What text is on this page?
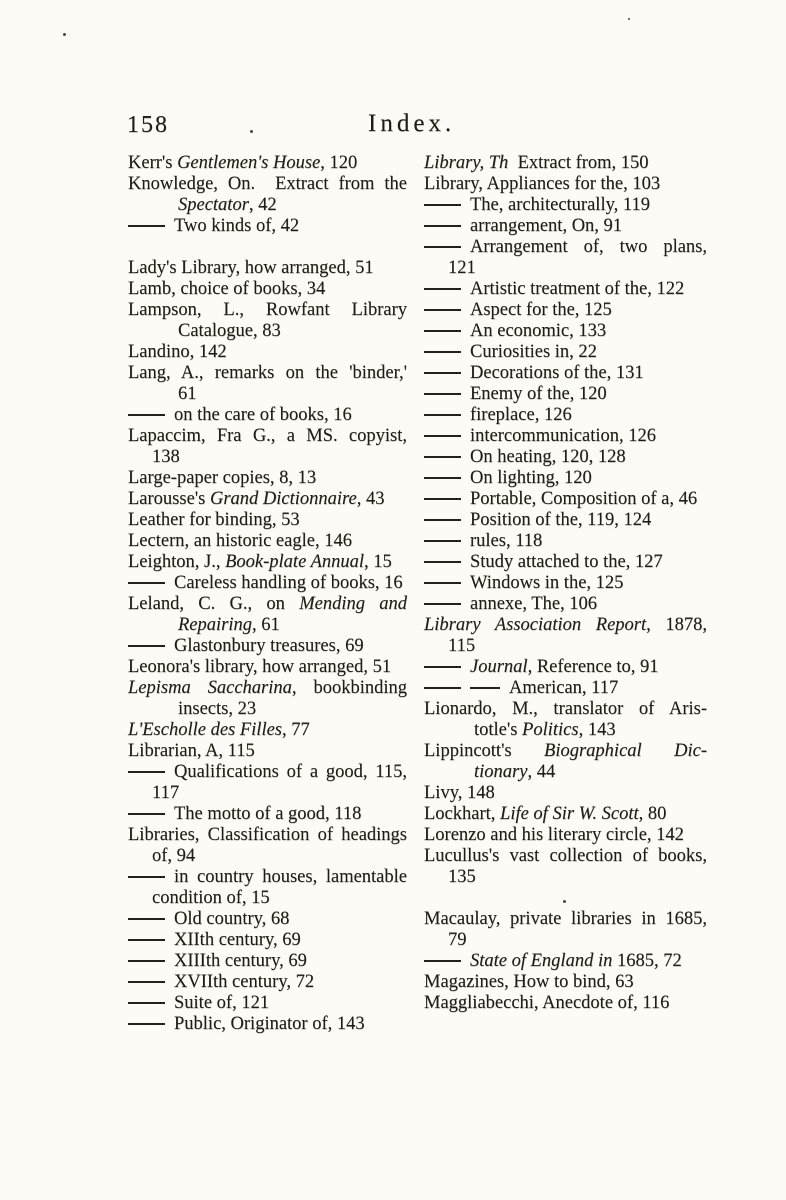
158	Index.
Kerr's Gentlemen's House, 120
Knowledge, On.  Extract from the
Spectator, 42
Two kinds of, 42
Lady's Library, how arranged, 51
Lamb, choice of books, 34
Lampson, L., Rowfant Library
Catalogue, 83
Landino, 142
Lang, A., remarks on the 'binder,'
61
on the care of books, 16
Lapaccim, Fra G., a MS. copyist,
138
Large-paper copies, 8, 13
Larousse's Grand Dictionnaire, 43
Leather for binding, 53
Lectern, an historic eagle, 146
Leighton, J., Book-plate Annual, 15
Careless handling of books, 16
Leland, C. G., on Mending and
Repairing, 61
Glastonbury treasures, 69
Leonora's library, how arranged, 51
Lepisma Saccharina, bookbinding
insects, 23
L'Escholle des Filles, 77
Librarian, A, 115
Qualifications of a good, 115,
117
The motto of a good, 118
Libraries, Classification of headings
of, 94
in country houses, lamentable
condition of, 15
Old country, 68
XIIth century, 69
XIIIth century, 69
XVIIth century, 72
Suite of, 121
Public, Originator of, 143
Library, Th  Extract from, 150
Library, Appliances for the, 103
The, architecturally, 119
arrangement, On, 91
Arrangement of, two plans,
121
Artistic treatment of the, 122
Aspect for the, 125
An economic, 133
Curiosities in, 22
Decorations of the, 131
Enemy of the, 120
fireplace, 126
intercommunication, 126
On heating, 120, 128
On lighting, 120
Portable, Composition of a, 46
Position of the, 119, 124
rules, 118
Study attached to the, 127
Windows in the, 125
annexe, The, 106
Library Association Report, 1878,
115
Journal, Reference to, 91
American, 117
Lionardo, M., translator of Aris-
totle's Politics, 143
Lippincott's Biographical Dic-
tionary, 44
Livy, 148
Lockhart, Life of Sir W. Scott, 80
Lorenzo and his literary circle, 142
Lucullus's vast collection of books,
135
Macaulay, private libraries in 1685,
79
State of England in 1685, 72
Magazines, How to bind, 63
Maggliabecchi, Anecdote of, 116
